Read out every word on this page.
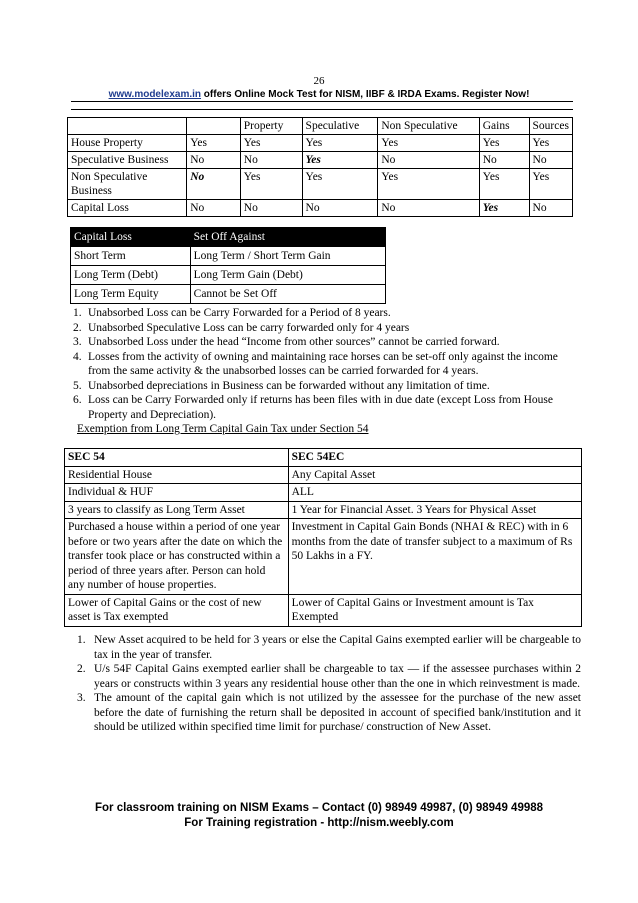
26
www.modelexam.in offers Online Mock Test for NISM, IIBF & IRDA Exams. Register Now!
		Property	Speculative	Non Speculative	Gains	Sources
House Property	Yes	Yes	Yes	Yes	Yes	Yes
Speculative Business	No	No	Yes	No	No	No
Non Speculative Business	No	Yes	Yes	Yes	Yes	Yes
Capital Loss	No	No	No	No	Yes	No
Capital Loss	Set Off Against
Short Term	Long Term / Short Term Gain
Long Term (Debt)	Long Term Gain (Debt)
Long Term Equity	Cannot be Set Off
1. Unabsorbed Loss can be Carry Forwarded for a Period of 8 years.
2. Unabsorbed Speculative Loss can be carry forwarded only for 4 years
3. Unabsorbed Loss under the head “Income from other sources” cannot be carried forward.
4. Losses from the activity of owning and maintaining race horses can be set-off only against the income from the same activity & the unabsorbed losses can be carried forwarded for 4 years.
5. Unabsorbed depreciations in Business can be forwarded without any limitation of time.
6. Loss can be Carry Forwarded only if returns has been files with in due date (except Loss from House Property and Depreciation).
Exemption from Long Term Capital Gain Tax under Section 54
SEC 54	SEC 54EC
Residential House	Any Capital Asset
Individual & HUF	ALL
3 years to classify as Long Term Asset	1 Year for Financial Asset. 3 Years for Physical Asset
Purchased a house within a period of one year before or two years after the date on which the transfer took place or has constructed within a period of three years after. Person can hold any number of house properties.	Investment in Capital Gain Bonds (NHAI & REC) with in 6 months from the date of transfer subject to a maximum of Rs 50 Lakhs in a FY.
Lower of Capital Gains or the cost of new asset is Tax exempted	Lower of Capital Gains or Investment amount is Tax Exempted
1. New Asset acquired to be held for 3 years or else the Capital Gains exempted earlier will be chargeable to tax in the year of transfer.
2. U/s 54F Capital Gains exempted earlier shall be chargeable to tax — if the assessee purchases within 2 years or constructs within 3 years any residential house other than the one in which reinvestment is made.
3. The amount of the capital gain which is not utilized by the assessee for the purchase of the new asset before the date of furnishing the return shall be deposited in account of specified bank/institution and it should be utilized within specified time limit for purchase/ construction of New Asset.
For classroom training on NISM Exams – Contact (0) 98949 49987, (0) 98949 49988
For Training registration - http://nism.weebly.com
